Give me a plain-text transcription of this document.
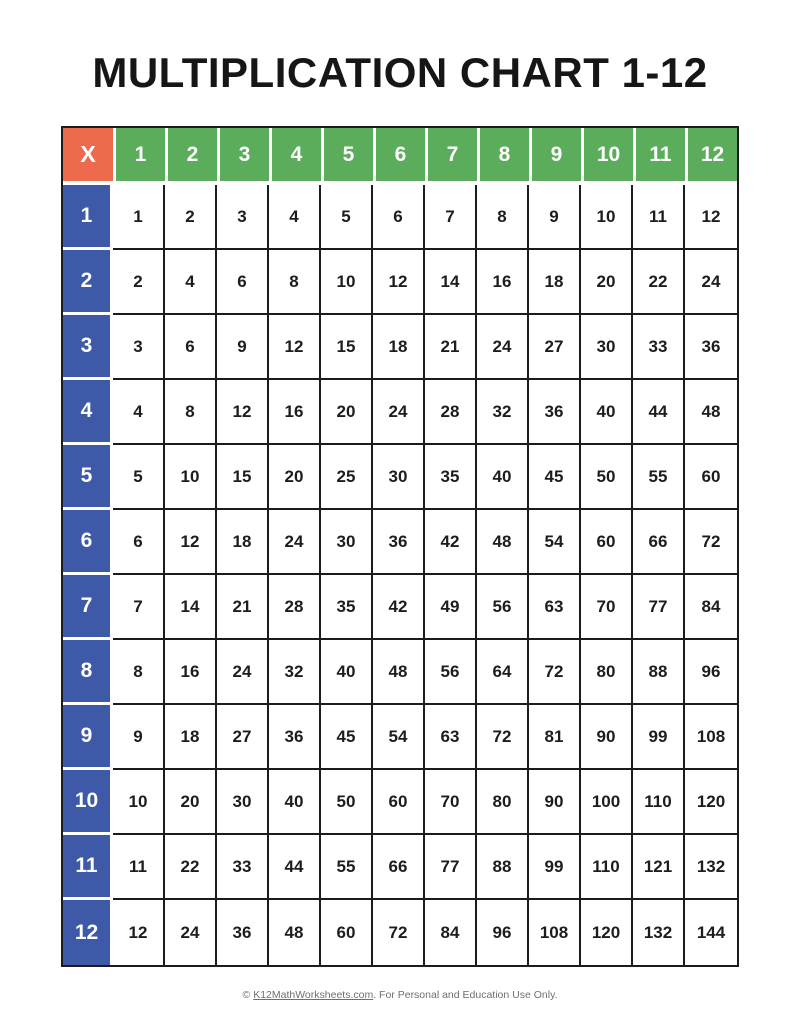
MULTIPLICATION CHART 1-12
X	1	2	3	4	5	6	7	8	9	10	11	12
1	1	2	3	4	5	6	7	8	9	10	11	12
2	2	4	6	8	10	12	14	16	18	20	22	24
3	3	6	9	12	15	18	21	24	27	30	33	36
4	4	8	12	16	20	24	28	32	36	40	44	48
5	5	10	15	20	25	30	35	40	45	50	55	60
6	6	12	18	24	30	36	42	48	54	60	66	72
7	7	14	21	28	35	42	49	56	63	70	77	84
8	8	16	24	32	40	48	56	64	72	80	88	96
9	9	18	27	36	45	54	63	72	81	90	99	108
10	10	20	30	40	50	60	70	80	90	100	110	120
11	11	22	33	44	55	66	77	88	99	110	121	132
12	12	24	36	48	60	72	84	96	108	120	132	144
© K12MathWorksheets.com. For Personal and Education Use Only.
